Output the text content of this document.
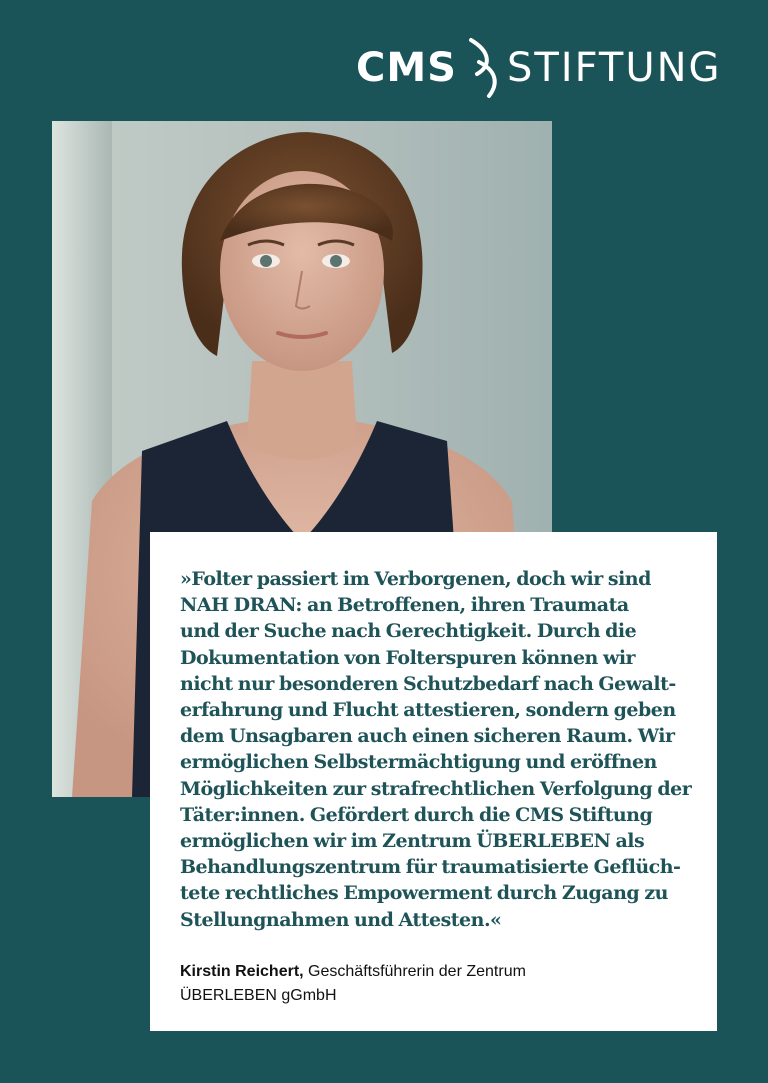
CMS STIFTUNG

»Folter passiert im Verborgenen, doch wir sind
NAH DRAN: an Betroffenen, ihren Traumata
und der Suche nach Gerechtigkeit. Durch die
Dokumentation von Folterspuren können wir
nicht nur besonderen Schutzbedarf nach Gewalt-
erfahrung und Flucht attestieren, sondern geben
dem Unsagbaren auch einen sicheren Raum. Wir
ermöglichen Selbstermächtigung und eröffnen
Möglichkeiten zur strafrechtlichen Verfolgung der
Täter:innen. Gefördert durch die CMS Stiftung
ermöglichen wir im Zentrum ÜBERLEBEN als
Behandlungszentrum für traumatisierte Geflüch-
tete rechtliches Empowerment durch Zugang zu
Stellungnahmen und Attesten.«

Kirstin Reichert, Geschäftsführerin der Zentrum
ÜBERLEBEN gGmbH
